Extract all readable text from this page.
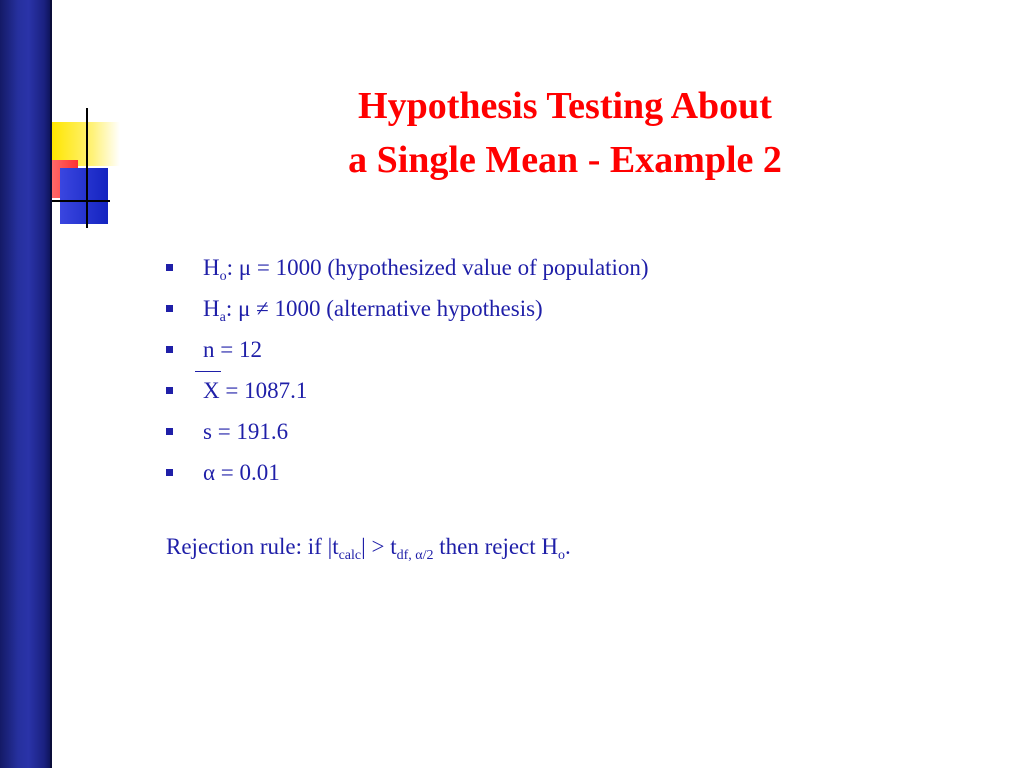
Hypothesis Testing About
a Single Mean - Example 2
$H_o$: μ = 1000 (hypothesized value of population)
$H_a$: μ ≠ 1000 (alternative hypothesis)
n = 12
X = 1087.1
s = 191.6
α = 0.01

Rejection rule: if $|t_{calc}| > t_{df, \alpha/2}$ then reject $H_o$.
